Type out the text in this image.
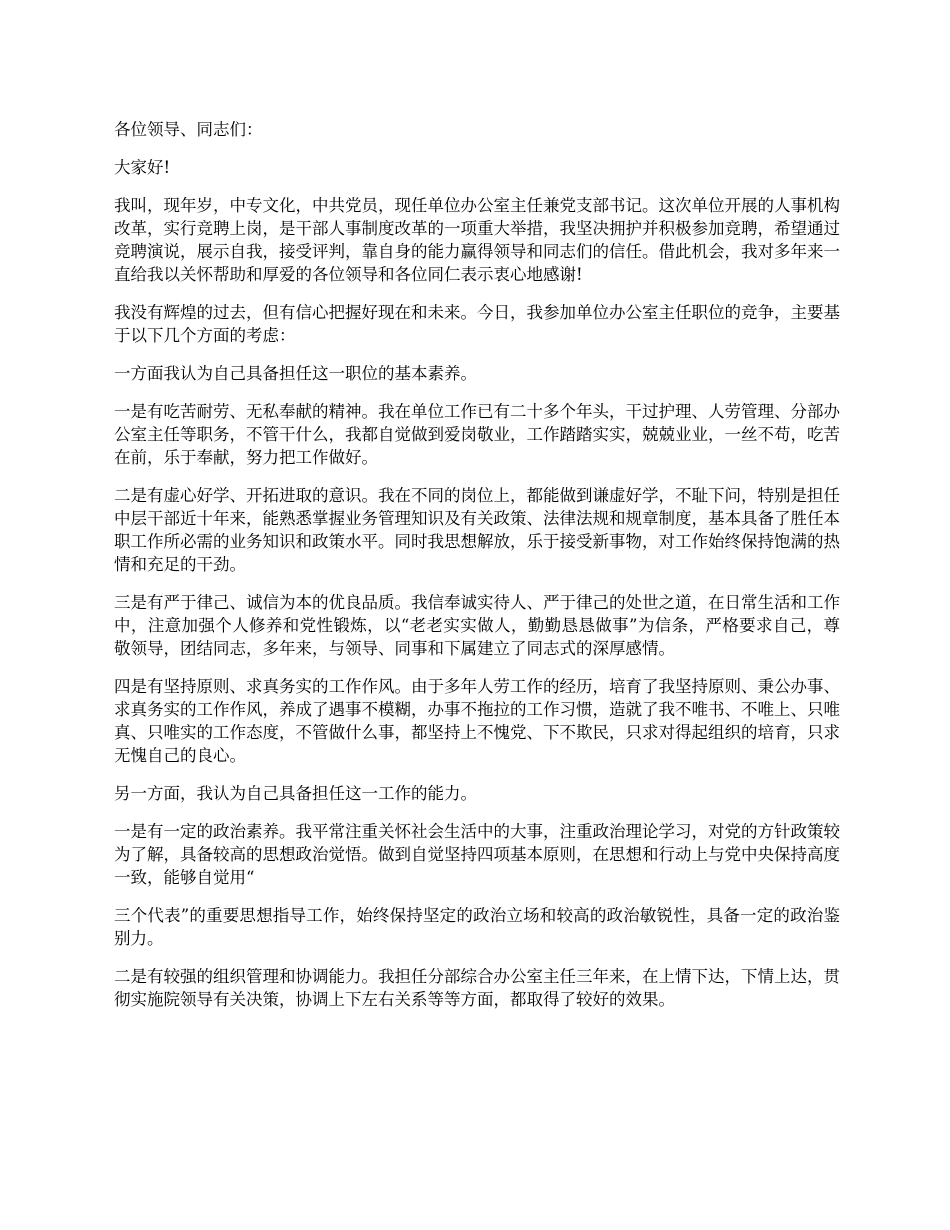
各位领导、同志们：

大家好!

我叫，现年岁，中专文化，中共党员，现任单位办公室主任兼党支部书记。这次单位开展的人事机构改革，实行竞聘上岗，是干部人事制度改革的一项重大举措，我坚决拥护并积极参加竞聘，希望通过竞聘演说，展示自我，接受评判，靠自身的能力赢得领导和同志们的信任。借此机会，我对多年来一直给我以关怀帮助和厚爱的各位领导和各位同仁表示衷心地感谢!

我没有辉煌的过去，但有信心把握好现在和未来。今日，我参加单位办公室主任职位的竞争，主要基于以下几个方面的考虑：

一方面我认为自己具备担任这一职位的基本素养。

一是有吃苦耐劳、无私奉献的精神。我在单位工作已有二十多个年头，干过护理、人劳管理、分部办公室主任等职务，不管干什么，我都自觉做到爱岗敬业，工作踏踏实实，兢兢业业，一丝不苟，吃苦在前，乐于奉献，努力把工作做好。

二是有虚心好学、开拓进取的意识。我在不同的岗位上，都能做到谦虚好学，不耻下问，特别是担任中层干部近十年来，能熟悉掌握业务管理知识及有关政策、法律法规和规章制度，基本具备了胜任本职工作所必需的业务知识和政策水平。同时我思想解放，乐于接受新事物，对工作始终保持饱满的热情和充足的干劲。

三是有严于律己、诚信为本的优良品质。我信奉诚实待人、严于律己的处世之道，在日常生活和工作中，注意加强个人修养和党性锻炼，以“老老实实做人，勤勤恳恳做事”为信条，严格要求自己，尊敬领导，团结同志，多年来，与领导、同事和下属建立了同志式的深厚感情。

四是有坚持原则、求真务实的工作作风。由于多年人劳工作的经历，培育了我坚持原则、秉公办事、求真务实的工作作风，养成了遇事不模糊，办事不拖拉的工作习惯，造就了我不唯书、不唯上、只唯真、只唯实的工作态度，不管做什么事，都坚持上不愧党、下不欺民，只求对得起组织的培育，只求无愧自己的良心。

另一方面，我认为自己具备担任这一工作的能力。

一是有一定的政治素养。我平常注重关怀社会生活中的大事，注重政治理论学习，对党的方针政策较为了解，具备较高的思想政治觉悟。做到自觉坚持四项基本原则，在思想和行动上与党中央保持高度一致，能够自觉用“

三个代表”的重要思想指导工作，始终保持坚定的政治立场和较高的政治敏锐性，具备一定的政治鉴别力。

二是有较强的组织管理和协调能力。我担任分部综合办公室主任三年来，在上情下达，下情上达，贯彻实施院领导有关决策，协调上下左右关系等等方面，都取得了较好的效果。
